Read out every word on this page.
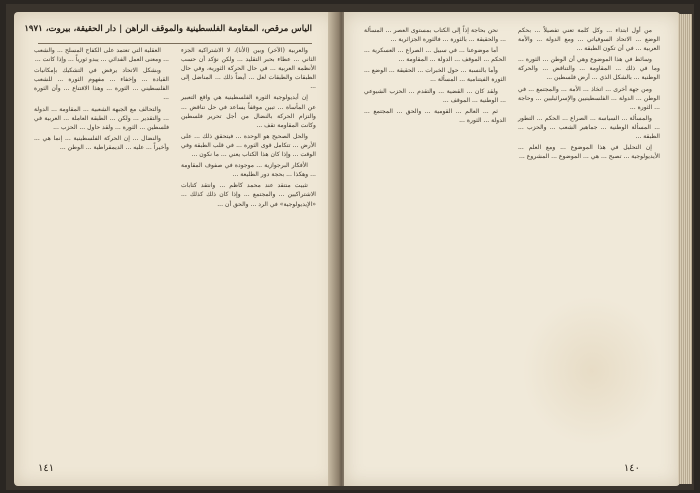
الياس مرقص، المقاومة الفلسطينية والموقف الراهن | دار الحقيقة، بيروت، ١٩٧١

والعربية (الآخر) وبين (الأنا)، لا الاشتراكية الجزء الثاني ... عطاء بحبر التقليد ... ولكن نؤكد أن حسب الأنظمة العربية ... في حال الحركة الثورية، وفي حال الطبقات والطبقات لعل ... أيضاً ذلك ... المناضل إلى ...

إن أيديولوجية الثورة الفلسطينية هي واقع التعبير عن المأساة ... تبين موقفاً يساعد في حل تناقض ... والتزام الحركة بالنضال من أجل تحرير فلسطين وكانت المقاومة تقف ...

والحل الصحيح هو الوحدة ... فيتحقق ذلك ... على الأرض ... تتكامل قوى الثورة ... في قلب الطبقة وفي الوقت ... وإذا كان هذا الكتاب يعني ... ما نكون ...

الأفكار البرجوازية ... موجودة في صفوف المقاومة ... وهكذا ... بحجة دور الطليعة ...

تثبيت منتقد عند محمد كاظم ... وانتقد كتابات الاشتراكيين ... والمجتمع ... وإذا كان ذلك كذلك ... «الإيديولوجية» في الرد ... والحق أن ...

العقلية التي تعتمد على الكفاح المسلح ... والشعب ... ومعنى العمل الفدائي ... يبدو ثورياً ... وإذا كانت ...

وبشكل الاتحاد يرفض في التشكيك بإمكانيات القيادة ... وإخفاء ... مفهوم الثورة ... للشعب الفلسطيني ... الثورة ... وهذا الاقتناع ... وأن الثورة ...

والتحالف مع الجبهة الشعبية ... المقاومة ... الدولة ... والتقدير ... ولكن ... الطبقة العاملة ... العربية في فلسطين ... الثورة ... ولقد حاول ... الحزب ...

والنضال ... إن الحركة الفلسطينية ... إنما هي ... وأخيراً ... عليه ... الديمقراطية ... الوطن ...

١٤١

من أول ابتداء ... وكل كلمة تعني تفصيلاً ... بحكم الوضع ... الاتحاد السوفياتي ... ومع الدولة ... والأمة العربية ... في أن تكون الطبقة ...

وسائط في هذا الموضوع وهي أن الوطن ... الثورة ... وما في ذلك ... المقاومة ... والتناقض ... والحركة الوطنية ... بالشكل الذي ... أرض فلسطين ...

ومن جهة أخرى ... اتخاذ ... الأمة ... والمجتمع ... في الوطن ... الدولة ... الفلسطينيين والإسرائيليين ... وحاجة ... الثورة ...

والمسألة ... السياسة ... الصراع ... الحكم ... التطور ... المسألة الوطنية ... جماهير الشعب ... والحزب ... الطبقة ...

إن التحليل في هذا الموضوع ... ومع العلم ... الأيديولوجية ... تصبح ... هي ... الموضوع ... المشروع ...

نحن بحاجة إذاً إلى الكتاب بمستوى العصر ... المسألة ... والحقيقة ... بالثورة ... فالثورة الجزائرية ...

أما موضوعنا ... في سبيل ... الصراع ... العسكرية ... الحكم ... الموقف ... الدولة ... المقاومة ...

وأما بالنسبة ... حول الخبرات ... الحقيقة ... الوضع ... الثورة الفيتنامية ... المسألة ...

ولقد كان ... القضية ... والتقدم ... الحزب الشيوعي ... الوطنية ... الموقف ...

ثم ... العالم ... القومية ... والحق ... المجتمع ... الدولة ... الثورة ...

١٤٠
